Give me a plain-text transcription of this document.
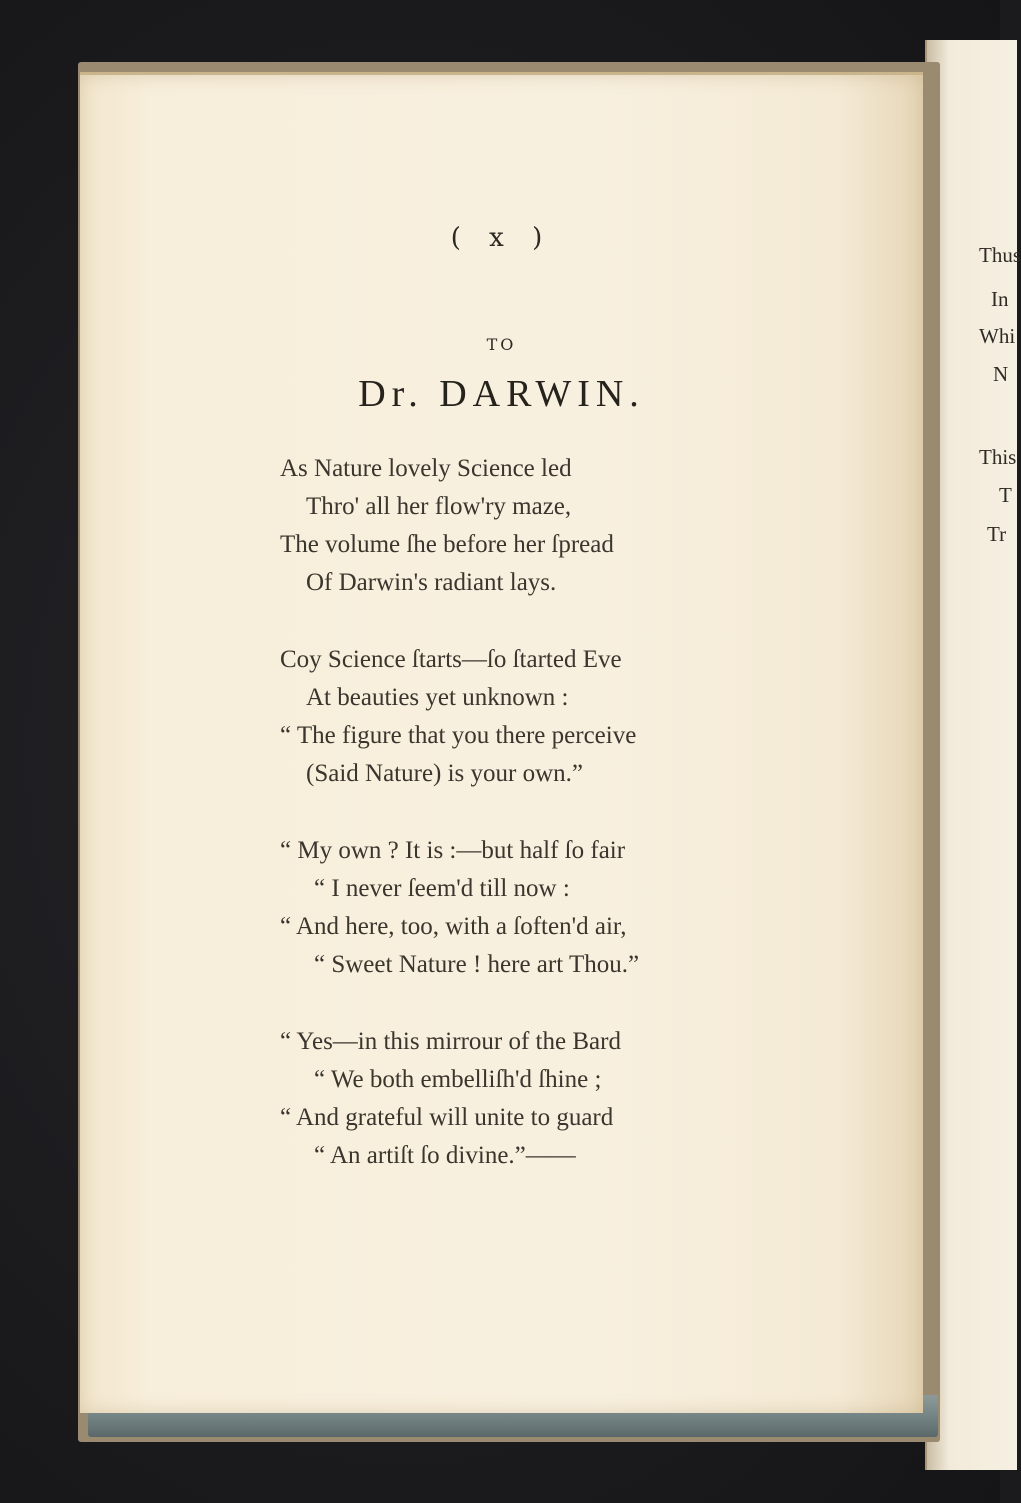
Thus
In
Whi
N
This
T
Tr
( x )
TO
Dr. DARWIN.
As Nature lovely Science led
Thro' all her flow'ry maze,
The volume ſhe before her ſpread
Of Darwin's radiant lays.
Coy Science ſtarts—ſo ſtarted Eve
At beauties yet unknown :
“ The figure that you there perceive
(Said Nature) is your own.”
“ My own ? It is :—but half ſo fair
“ I never ſeem'd till now :
“ And here, too, with a ſoften'd air,
“ Sweet Nature ! here art Thou.”
“ Yes—in this mirrour of the Bard
“ We both embelliſh'd ſhine ;
“ And grateful will unite to guard
“ An artiſt ſo divine.”——
